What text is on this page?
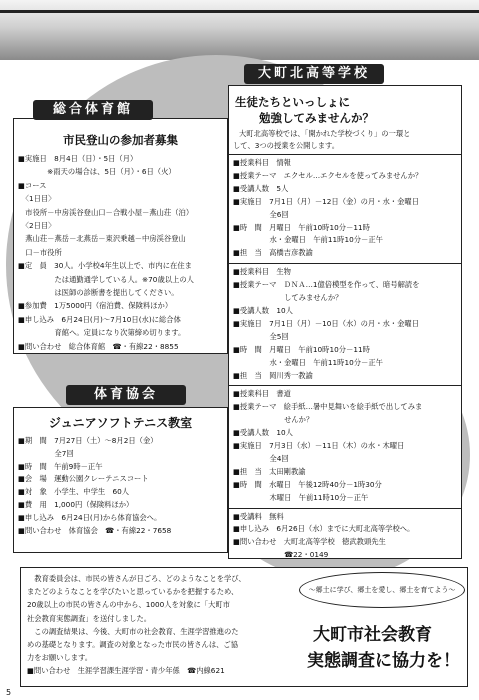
市民登山の参加者募集
■実施日　8月4日（日）・5日（月）
　　　　※雨天の場合は、5日（月）・6日（火）
■コース
　〈1日目〉
　市役所－中房渓谷登山口－合戦小屋－燕山荘（泊）
　〈2日目〉
　燕山荘－燕岳－北燕岳－東沢乗越－中房渓谷登山
　口－市役所
■定　員　30人。小学校4年生以上で、市内に在住ま
　　　　　たは通勤通学している人。※70歳以上の人
　　　　　は医師の診断書を提出してください。
■参加費　1万5000円（宿泊費、保険料ほか）
■申し込み　6月24日(月)～7月10日(水)に総合体
　　　　　育館へ。定員になり次第締め切ります。
■問い合わせ　総合体育館　☎・有線22・8855
総合体育館
ジュニアソフトテニス教室
■期　間　7月27日（土）～8月2日（金）
　　　　　全7回
■時　間　午前9時－正午
■会　場　運動公園クレーテニスコート
■対　象　小学生、中学生　60人
■費　用　1,000円（保険料ほか）
■申し込み　6月24日(月)から体育協会へ。
■問い合わせ　体育協会　☎・有線22・7658
体育協会
生徒たちといっしょに
勉強してみませんか？
大町北高等校では、「開かれた学校づくり」の一環と
して、3つの授業を公開します。
■授業科目　情報
■授業テーマ　エクセル…エクセルを使ってみませんか？
■受講人数　5人
■実施日　7月1日（月）－12日（金）の月・水・金曜日
　　　　　全6回
■時　間　月曜日　午前10時10分－11時
　　　　　水・金曜日　午前11時10分－正午
■担　当　高橋吉彦教諭
■授業科目　生物
■授業テーマ　ＤＮＡ…1億倍模型を作って、暗号解読を
　　　　　　　してみませんか？
■受講人数　10人
■実施日　7月1日（月）－10日（水）の月・水・金曜日
　　　　　全5回
■時　間　月曜日　午前10時10分－11時
　　　　　水・金曜日　午前11時10分－正午
■担　当　岡川秀一教諭
■授業科目　書道
■授業テーマ　絵手紙…暑中見舞いを絵手紙で出してみま
　　　　　　　せんか？
■受講人数　10人
■実施日　7月3日（水）－11日（木）の水・木曜日
　　　　　全4回
■担　当　太田剛教諭
■時　間　水曜日　午後12時40分－1時30分
　　　　　木曜日　午前11時10分－正午
■受講料　無料
■申し込み　6月26日（水）までに大町北高等学校へ。
■問い合わせ　大町北高等学校　徳武教頭先生
　　　　　　　☎22・0149
大町北高等学校
　教育委員会は、市民の皆さんが日ごろ、どのようなことを学び、
またどのようなことを学びたいと思っているかを把握するため、
20歳以上の市民の皆さんの中から、1000人を対象に「大町市
社会教育実態調査」を送付しました。
　この調査結果は、今後、大町市の社会教育、生涯学習推進のた
めの基礎となります。調査の対象となった市民の皆さんは、ご協
力をお願いします。
■問い合わせ　生涯学習課生涯学習・青少年係　☎内線621
～郷土に学び、郷土を愛し、郷土を育てよう～
大町市社会教育
実態調査に協力を！
5
